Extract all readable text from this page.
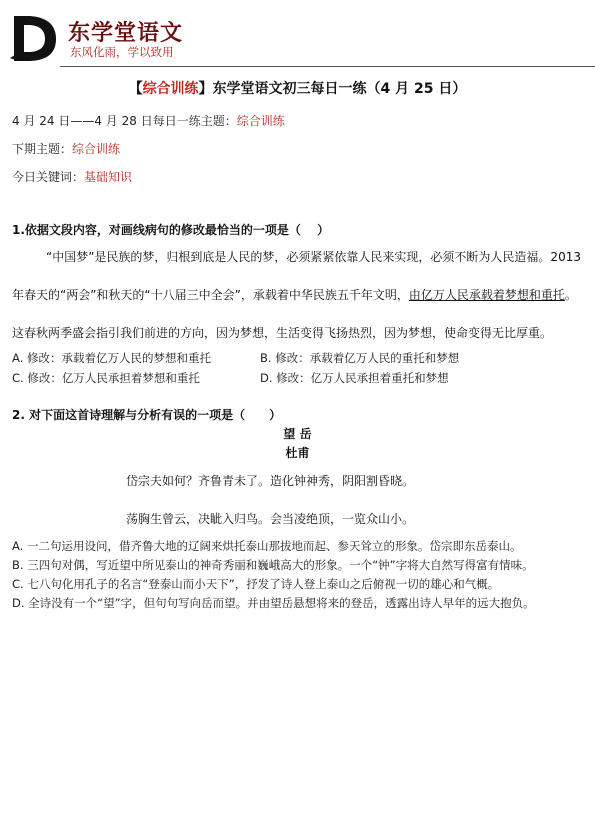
东学堂语文
东风化雨，学以致用
【综合训练】东学堂语文初三每日一练（4 月 25 日）
4 月 24 日——4 月 28 日每日一练主题：综合训练
下期主题：综合训练
今日关键词：基础知识
1.依据文段内容，对画线病句的修改最恰当的一项是（　 ）
“中国梦”是民族的梦，归根到底是人民的梦，必须紧紧依靠人民来实现，必须不断为人民造福。2013
年春天的“两会”和秋天的“十八届三中全会”，承载着中华民族五千年文明，由亿万人民承载着梦想和重托。
这春秋两季盛会指引我们前进的方向，因为梦想，生活变得飞扬热烈，因为梦想，使命变得无比厚重。
A. 修改：承载着亿万人民的梦想和重托	B. 修改：承载着亿万人民的重托和梦想
C. 修改：亿万人民承担着梦想和重托	D. 修改：亿万人民承担着重托和梦想
2. 对下面这首诗理解与分析有误的一项是（　　）
望 岳
杜甫
岱宗夫如何？齐鲁青未了。造化钟神秀，阴阳割昏晓。
荡胸生曾云，决眦入归鸟。会当凌绝顶，一览众山小。
A. 一二句运用设问，借齐鲁大地的辽阔来烘托泰山那拔地而起、参天耸立的形象。岱宗即东岳泰山。
B. 三四句对偶，写近望中所见泰山的神奇秀丽和巍峨高大的形象。一个“钟”字将大自然写得富有情味。
C. 七八句化用孔子的名言“登泰山而小天下”，抒发了诗人登上泰山之后俯视一切的雄心和气概。
D. 全诗没有一个“望”字，但句句写向岳而望。并由望岳悬想将来的登岳，透露出诗人早年的远大抱负。
